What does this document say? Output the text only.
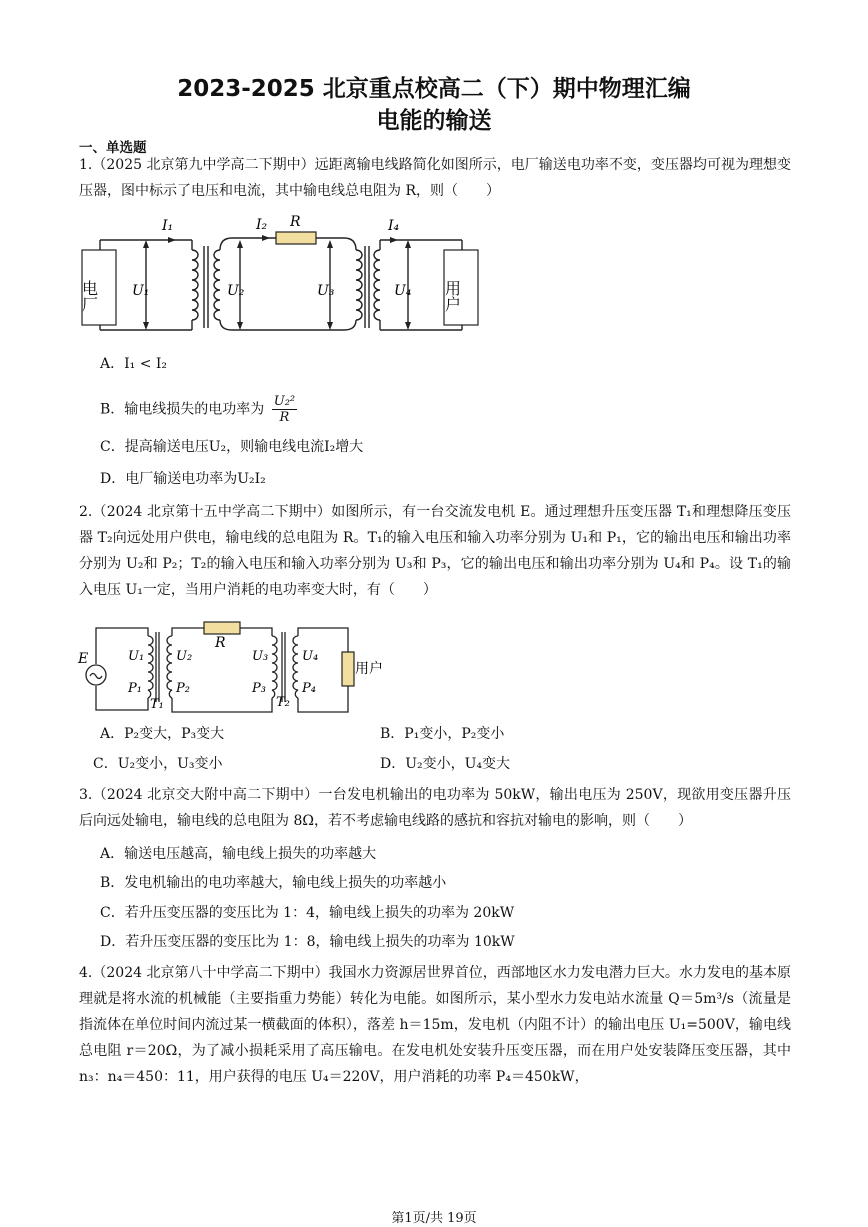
2023-2025 北京重点校高二（下）期中物理汇编
电能的输送
一、单选题
1.（2025 北京第九中学高二下期中）远距离输电线路简化如图所示，电厂输送电功率不变，变压器均可视为理想变压器，图中标示了电压和电流，其中输电线总电阻为 R，则（　　）
电厂	用户
I₁	I₂ R	I₄
U₁	U₂	U₃	U₄
A．I₁ < I₂
B．输电线损失的电功率为 $\frac{\text{U₂²}}{R}$
C．提高输送电压U₂，则输电线电流I₂增大
D．电厂输送电功率为U₂I₂
2.（2024 北京第十五中学高二下期中）如图所示，有一台交流发电机 E。通过理想升压变压器 T₁和理想降压变压器 T₂向远处用户供电，输电线的总电阻为 R。T₁的输入电压和输入功率分别为 U₁和 P₁，它的输出电压和输出功率分别为 U₂和 P₂；T₂的输入电压和输入功率分别为 U₃和 P₃，它的输出电压和输出功率分别为 U₄和 P₄。设 T₁的输入电压 U₁一定，当用户消耗的电功率变大时，有（　　）
E
R
用户
U₁
P₁
U₂
P₂
U₃
P₃
U₄
P₄
T₁	T₂
A．P₂变大，P₃变大	B．P₁变小，P₂变小
C．U₂变小，U₃变小	D．U₂变小，U₄变大
3.（2024 北京交大附中高二下期中）一台发电机输出的电功率为 50kW，输出电压为 250V，现欲用变压器升压后向远处输电，输电线的总电阻为 8Ω，若不考虑输电线路的感抗和容抗对输电的影响，则（　　）
A．输送电压越高，输电线上损失的功率越大
B．发电机输出的电功率越大，输电线上损失的功率越小
C．若升压变压器的变压比为 1：4，输电线上损失的功率为 20kW
D．若升压变压器的变压比为 1：8，输电线上损失的功率为 10kW
4.（2024 北京第八十中学高二下期中）我国水力资源居世界首位，西部地区水力发电潜力巨大。水力发电的基本原理就是将水流的机械能（主要指重力势能）转化为电能。如图所示，某小型水力发电站水流量 Q＝5m³/s（流量是指流体在单位时间内流过某一横截面的体积），落差 h＝15m，发电机（内阻不计）的输出电压 U₁=500V，输电线总电阻 r＝20Ω，为了减小损耗采用了高压输电。在发电机处安装升压变压器，而在用户处安装降压变压器，其中 n₃：n₄＝450：11，用户获得的电压 U₄＝220V，用户消耗的功率 P₄＝450kW，
第1页/共 19页
